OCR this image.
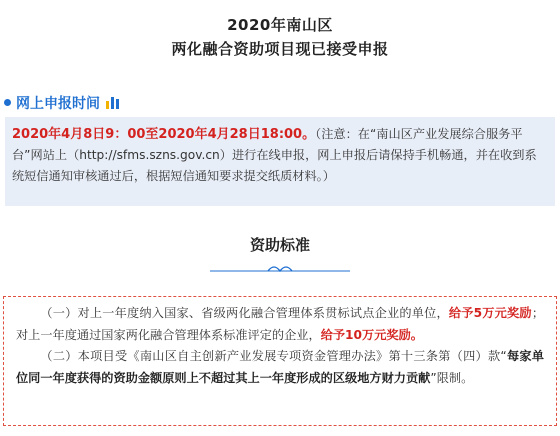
2020年南山区
两化融合资助项目现已接受申报
网上申报时间
2020年4月8日9：00至2020年4月28日18:00。（注意：在“南山区产业发展综合服务平台”网站上（http://sfms.szns.gov.cn）进行在线申报，网上申报后请保持手机畅通，并在收到系统短信通知审核通过后，根据短信通知要求提交纸质材料。）
资助标准

（一）对上一年度纳入国家、省级两化融合管理体系贯标试点企业的单位，给予5万元奖励；对上一年度通过国家两化融合管理体系标准评定的企业，给予10万元奖励。

（二）本项目受《南山区自主创新产业发展专项资金管理办法》第十三条第（四）款“每家单位同一年度获得的资助金额原则上不超过其上一年度形成的区级地方财力贡献”限制。
